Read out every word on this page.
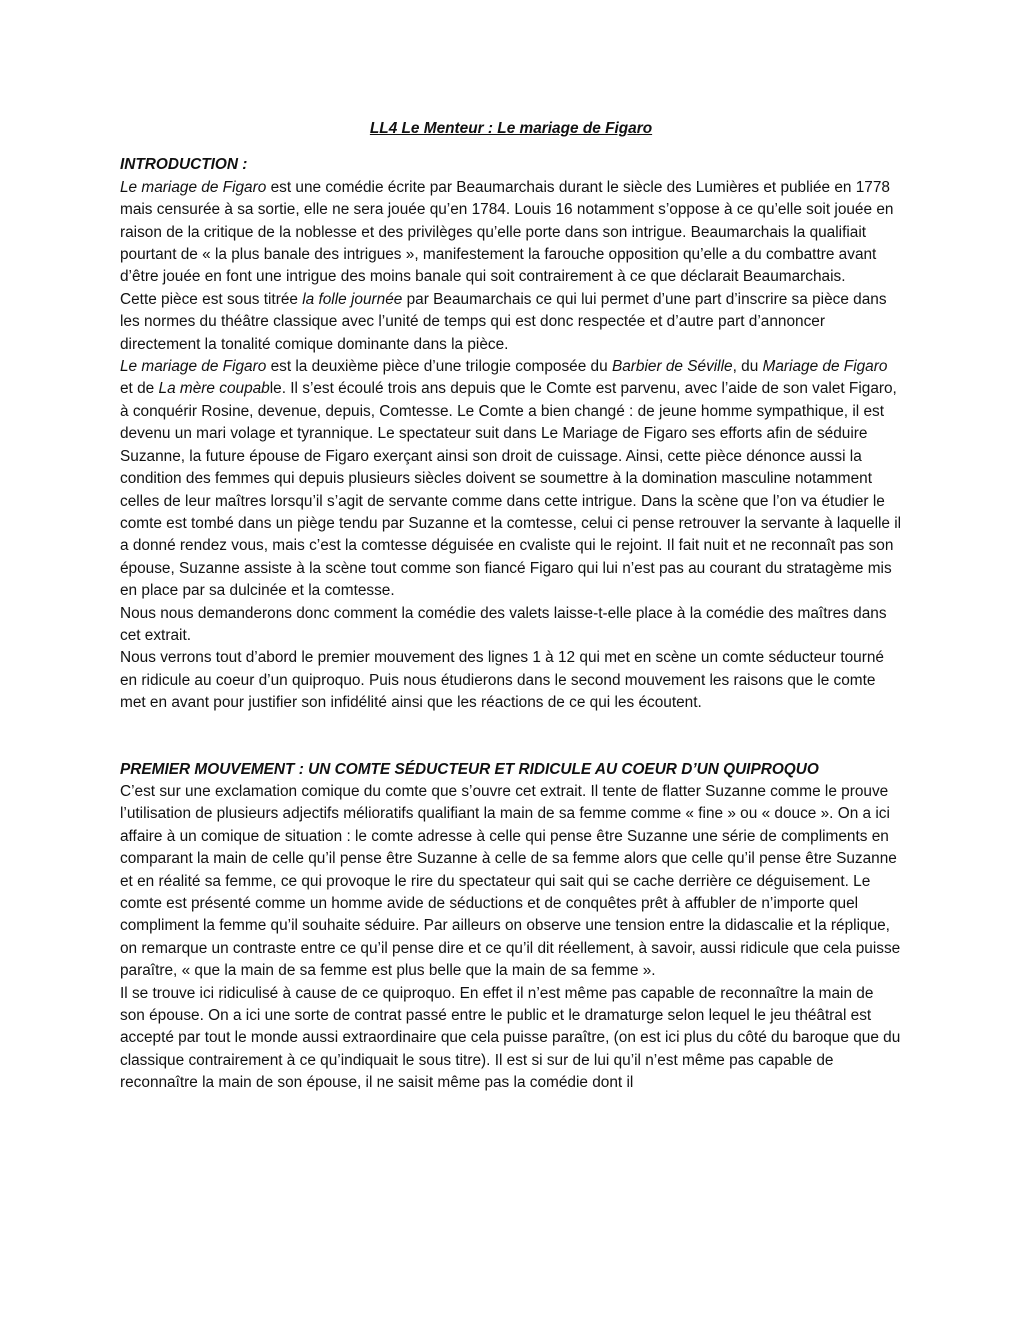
LL4 Le Menteur : Le mariage de Figaro

INTRODUCTION :

Le mariage de Figaro est une comédie écrite par Beaumarchais durant le siècle des Lumières et publiée en 1778 mais censurée à sa sortie, elle ne sera jouée qu’en 1784. Louis 16 notamment s’oppose à ce qu’elle soit jouée en raison de la critique de la noblesse et des privilèges qu’elle porte dans son intrigue. Beaumarchais la qualifiait pourtant de « la plus banale des intrigues », manifestement la farouche opposition qu’elle a du combattre avant d’être jouée en font une intrigue des moins banale qui soit contrairement à ce que déclarait Beaumarchais.

Cette pièce est sous titrée la folle journée par Beaumarchais ce qui lui permet d’une part d’inscrire sa pièce dans les normes du théâtre classique avec l’unité de temps qui est donc respectée et d’autre part d’annoncer directement la tonalité comique dominante dans la pièce.

Le mariage de Figaro est la deuxième pièce d’une trilogie composée du Barbier de Séville, du Mariage de Figaro et de La mère coupable. Il s’est écoulé trois ans depuis que le Comte est parvenu, avec l’aide de son valet Figaro, à conquérir Rosine, devenue, depuis, Comtesse. Le Comte a bien changé : de jeune homme sympathique, il est devenu un mari volage et tyrannique. Le spectateur suit dans Le Mariage de Figaro ses efforts afin de séduire Suzanne, la future épouse de Figaro exerçant ainsi son droit de cuissage. Ainsi, cette pièce dénonce aussi la condition des femmes qui depuis plusieurs siècles doivent se soumettre à la domination masculine notamment celles de leur maîtres lorsqu’il s’agit de servante comme dans cette intrigue. Dans la scène que l’on va étudier le comte est tombé dans un piège tendu par Suzanne et la comtesse, celui ci pense retrouver la servante à laquelle il a donné rendez vous, mais c’est la comtesse déguisée en cvaliste qui le rejoint. Il fait nuit et ne reconnaît pas son épouse, Suzanne assiste à la scène tout comme son fiancé Figaro qui lui n’est pas au courant du stratagème mis en place par sa dulcinée et la comtesse.

Nous nous demanderons donc comment la comédie des valets laisse-t-elle place à la comédie des maîtres dans cet extrait.

Nous verrons tout d’abord le premier mouvement des lignes 1 à 12 qui met en scène un comte séducteur tourné en ridicule au coeur d’un quiproquo. Puis nous étudierons dans le second mouvement les raisons que le comte met en avant pour justifier son infidélité ainsi que les réactions de ce qui les écoutent.

PREMIER MOUVEMENT : UN COMTE SÉDUCTEUR ET RIDICULE AU COEUR D’UN QUIPROQUO

C’est sur une exclamation comique du comte que s’ouvre cet extrait. Il tente de flatter Suzanne comme le prouve l’utilisation de plusieurs adjectifs mélioratifs qualifiant la main de sa femme comme « fine » ou « douce ». On a ici affaire à un comique de situation : le comte adresse à celle qui pense être Suzanne une série de compliments en comparant la main de celle qu’il pense être Suzanne à celle de sa femme alors que celle qu’il pense être Suzanne et en réalité sa femme, ce qui provoque le rire du spectateur qui sait qui se cache derrière ce déguisement. Le comte est présenté comme un homme avide de séductions et de conquêtes prêt à affubler de n’importe quel compliment la femme qu’il souhaite séduire. Par ailleurs on observe une tension entre la didascalie et la réplique, on remarque un contraste entre ce qu’il pense dire et ce qu’il dit réellement, à savoir, aussi ridicule que cela puisse paraître, « que la main de sa femme est plus belle que la main de sa femme ».

Il se trouve ici ridiculisé à cause de ce quiproquo. En effet il n’est même pas capable de reconnaître la main de son épouse. On a ici une sorte de contrat passé entre le public et le dramaturge selon lequel le jeu théâtral est accepté par tout le monde aussi extraordinaire que cela puisse paraître, (on est ici plus du côté du baroque que du classique contrairement à ce qu’indiquait le sous titre). Il est si sur de lui qu’il n’est même pas capable de reconnaître la main de son épouse, il ne saisit même pas la comédie dont il
